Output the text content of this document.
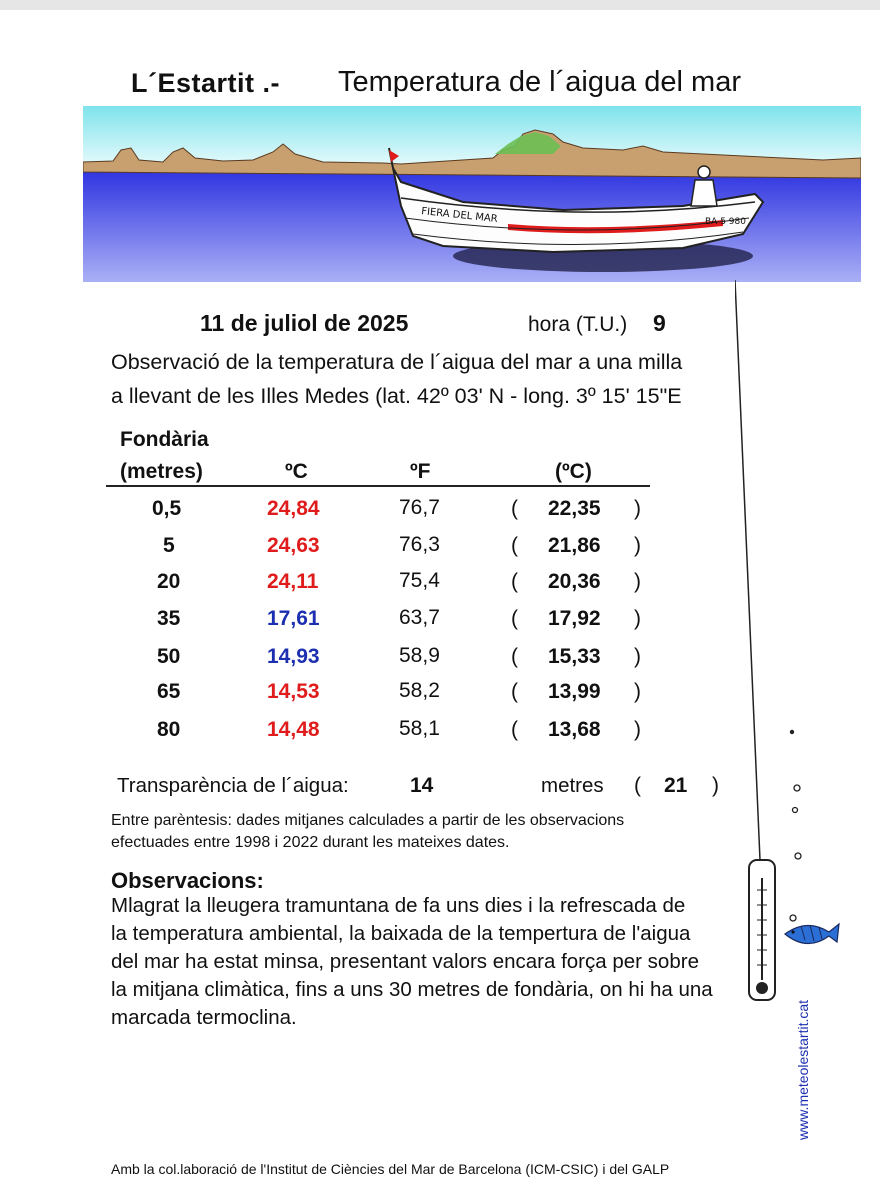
L´Estartit .- Temperatura de l´aigua del mar
FIERA DEL MAR	BA 5 980
11 de juliol de 2025	hora (T.U.) 9
Observació de la temperatura de l´aigua del mar a una milla
a llevant de les Illes Medes (lat. 42º 03' N - long. 3º 15' 15"E
Fondària
(metres)	ºC	ºF	(ºC)
0,5	24,84	76,7	( 22,35 )
5	24,63	76,3	( 21,86 )
20	24,11	75,4	( 20,36 )
35	17,61	63,7	( 17,92 )
50	14,93	58,9	( 15,33 )
65	14,53	58,2	( 13,99 )
80	14,48	58,1	( 13,68 )
Transparència de l´aigua:	14	metres ( 21 )
Entre parèntesis: dades mitjanes calculades a partir de les observacions
efectuades entre 1998 i 2022 durant les mateixes dates.
Observacions:
Mlagrat la lleugera tramuntana de fa uns dies i la refrescada de
la temperatura ambiental, la baixada de la tempertura de l'aigua
del mar ha estat minsa, presentant valors encara força per sobre
la mitjana climàtica, fins a uns 30 metres de fondària, on hi ha una
marcada termoclina.
Amb la col.laboració de l'Institut de Ciències del Mar de Barcelona (ICM-CSIC) i del GALP
www.meteolestartit.cat
